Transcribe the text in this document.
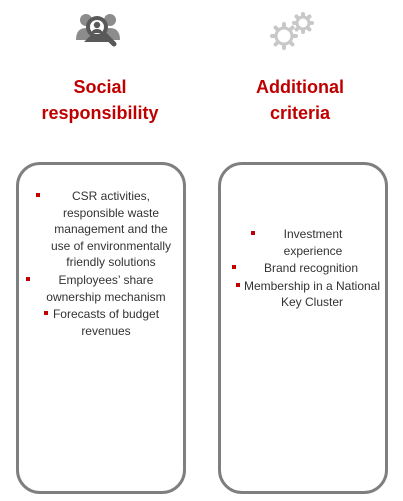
Social
responsibility
Additional
criteria
CSR activities, responsible waste management and the use of environmentally friendly solutions
Employees’ share ownership mechanism
Forecasts of budget revenues
Investment experience
Brand recognition
Membership in a National Key Cluster
